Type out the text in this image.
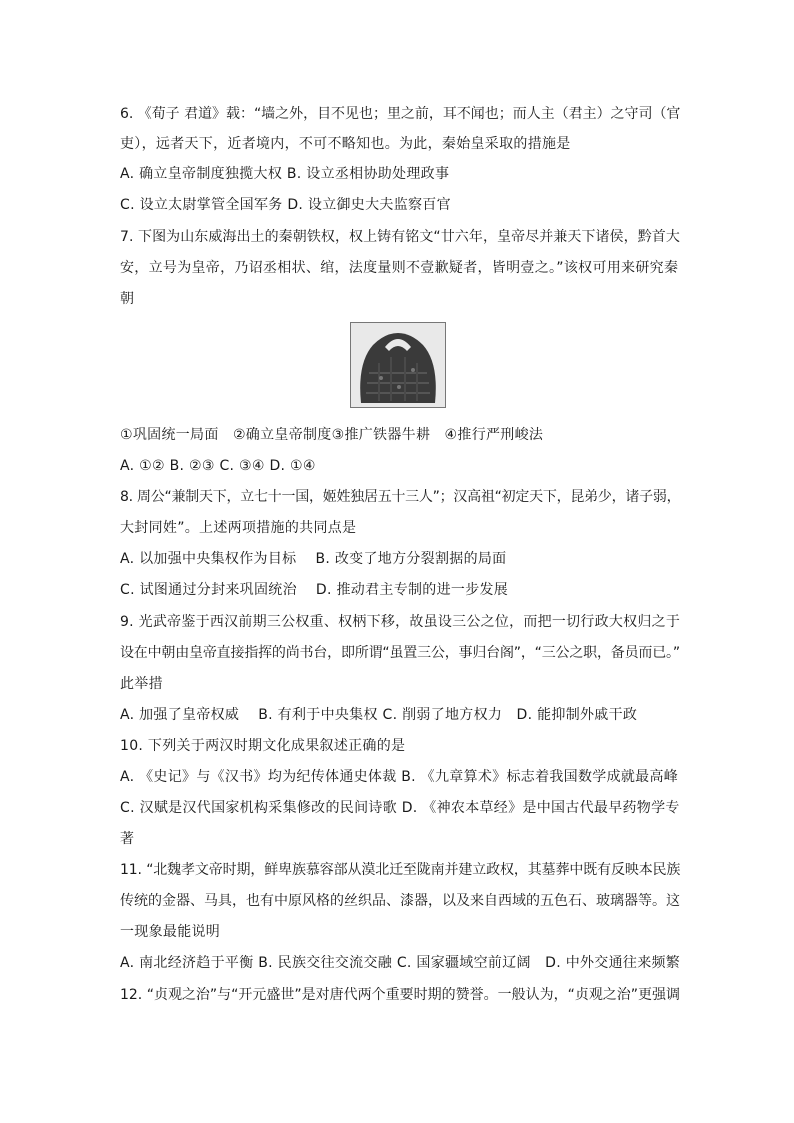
6. 《荀子 君道》载：“墙之外，目不见也；里之前，耳不闻也；而人主（君主）之守司（官
吏），远者天下，近者境内，不可不略知也。为此，秦始皇采取的措施是
A. 确立皇帝制度独揽大权 B. 设立丞相协助处理政事
C. 设立太尉掌管全国军务 D. 设立御史大夫监察百官
7. 下图为山东威海出土的秦朝铁权，权上铸有铭文“廿六年，皇帝尽并兼天下诸侯，黔首大
安，立号为皇帝，乃诏丞相状、绾，法度量则不壹歉疑者，皆明壹之。”该权可用来研究秦
朝
①巩固统一局面　②确立皇帝制度③推广铁器牛耕　④推行严刑峻法
A. ①② B. ②③ C. ③④ D. ①④
8. 周公“兼制天下，立七十一国，姬姓独居五十三人”；汉高祖“初定天下，昆弟少，诸子弱，
大封同姓”。上述两项措施的共同点是
A. 以加强中央集权作为目标　 B. 改变了地方分裂割据的局面
C. 试图通过分封来巩固统治　 D. 推动君主专制的进一步发展
9. 光武帝鉴于西汉前期三公权重、权柄下移，故虽设三公之位，而把一切行政大权归之于
设在中朝由皇帝直接指挥的尚书台，即所谓“虽置三公，事归台阁”，“三公之职，备员而已。”
此举措
A. 加强了皇帝权威　 B. 有利于中央集权 C. 削弱了地方权力　D. 能抑制外戚干政
10. 下列关于两汉时期文化成果叙述正确的是
A. 《史记》与《汉书》均为纪传体通史体裁 B. 《九章算术》标志着我国数学成就最高峰
C. 汉赋是汉代国家机构采集修改的民间诗歌 D. 《神农本草经》是中国古代最早药物学专
著
11. “北魏孝文帝时期，鲜卑族慕容部从漠北迁至陇南并建立政权，其墓葬中既有反映本民族
传统的金器、马具，也有中原风格的丝织品、漆器，以及来自西域的五色石、玻璃器等。这
一现象最能说明
A. 南北经济趋于平衡 B. 民族交往交流交融 C. 国家疆域空前辽阔　D. 中外交通往来频繁
12. “贞观之治”与“开元盛世”是对唐代两个重要时期的赞誉。一般认为，“贞观之治”更强调
